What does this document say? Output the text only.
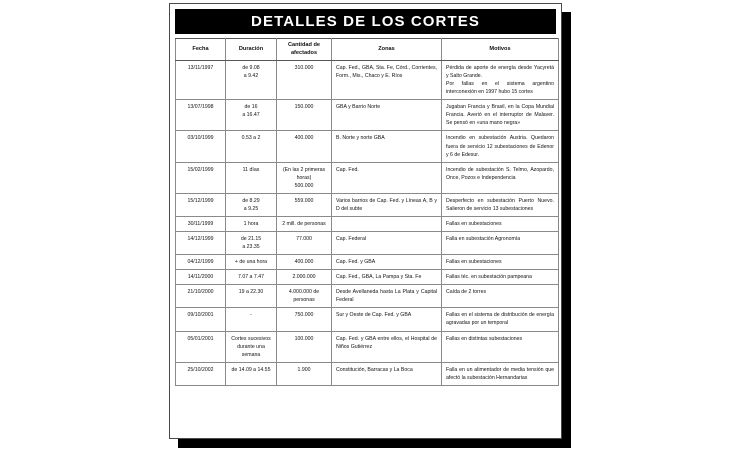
DETALLES DE LOS CORTES
Fecha	Duración	Cantidad de afectados	Zonas	Motivos
13/11/1997	de 9.08
a 9.42	310.000	Cap. Fed., GBA, Sta. Fe, Córd., Corrientes, Form., Mis., Chaco y E. Ríos	Pérdida de aporte de energía desde Yacyretá y Salto Grande.
Por fallas en el sistema argentino interconexión en 1997 hubo 15 cortes
13/07/1998	de 16
a 16.47	150.000	GBA y Barrio Norte	Jugaban Francia y Brasil, en la Copa Mundial Francia. Averió en el interruptor de Malaver. Se pensó en «una mano negra»
03/10/1999	0.53 a 2	400.000	B. Norte y norte GBA	Incendio en subestación Austria. Quedaron fuera de servicio 12 subestaciones de Edenor y 6 de Edesur.
15/02/1999	11 días	(En las 2 primeras horas)
500.000	Cap. Fed.	Incendio de subestación S. Telmo, Azopardo, Once, Pozos e Independencia
15/12/1999	de 8.29
a 9.25	559.000	Varios barrios de Cap. Fed. y Líneas A, B y D del subte	Desperfecto en subestación Puerto Nuevo. Salieron de servicio 13 subestaciones
30/11/1999	1 hora	2 mill. de personas		Fallas en subestaciones
14/12/1999	de 21.15
a 23.35	77.000	Cap. Federal	Falla en subestación Agronomía
04/12/1999	+ de una hora	400.000	Cap. Fed. y GBA	Fallas en subestaciones
14/11/2000	7.07 a 7.47	2.000.000	Cap. Fed., GBA, La Pampa y Sta. Fe	Fallas téc. en subestación pampeana
21/10/2000	19 a 22.30	4.000.000 de personas	Desde Avellaneda hasta La Plata y Capital Federal	Caída de 2 torres
09/10/2001	-	750.000	Sur y Oeste de Cap. Fed. y GBA	Fallas en el sistema de distribución de energía agravadas por un temporal
05/01/2001	Cortes sucesivos durante una semana	100.000	Cap. Fed. y GBA entre ellos, el Hospital de Niños Gutiérrez	Fallas en distintas subestaciones
25/10/2002	de 14.09 a 14.55	1.900	Constitución, Barracas y La Boca	Falla en un alimentador de media tensión que afectó la subestación Hernandarias
